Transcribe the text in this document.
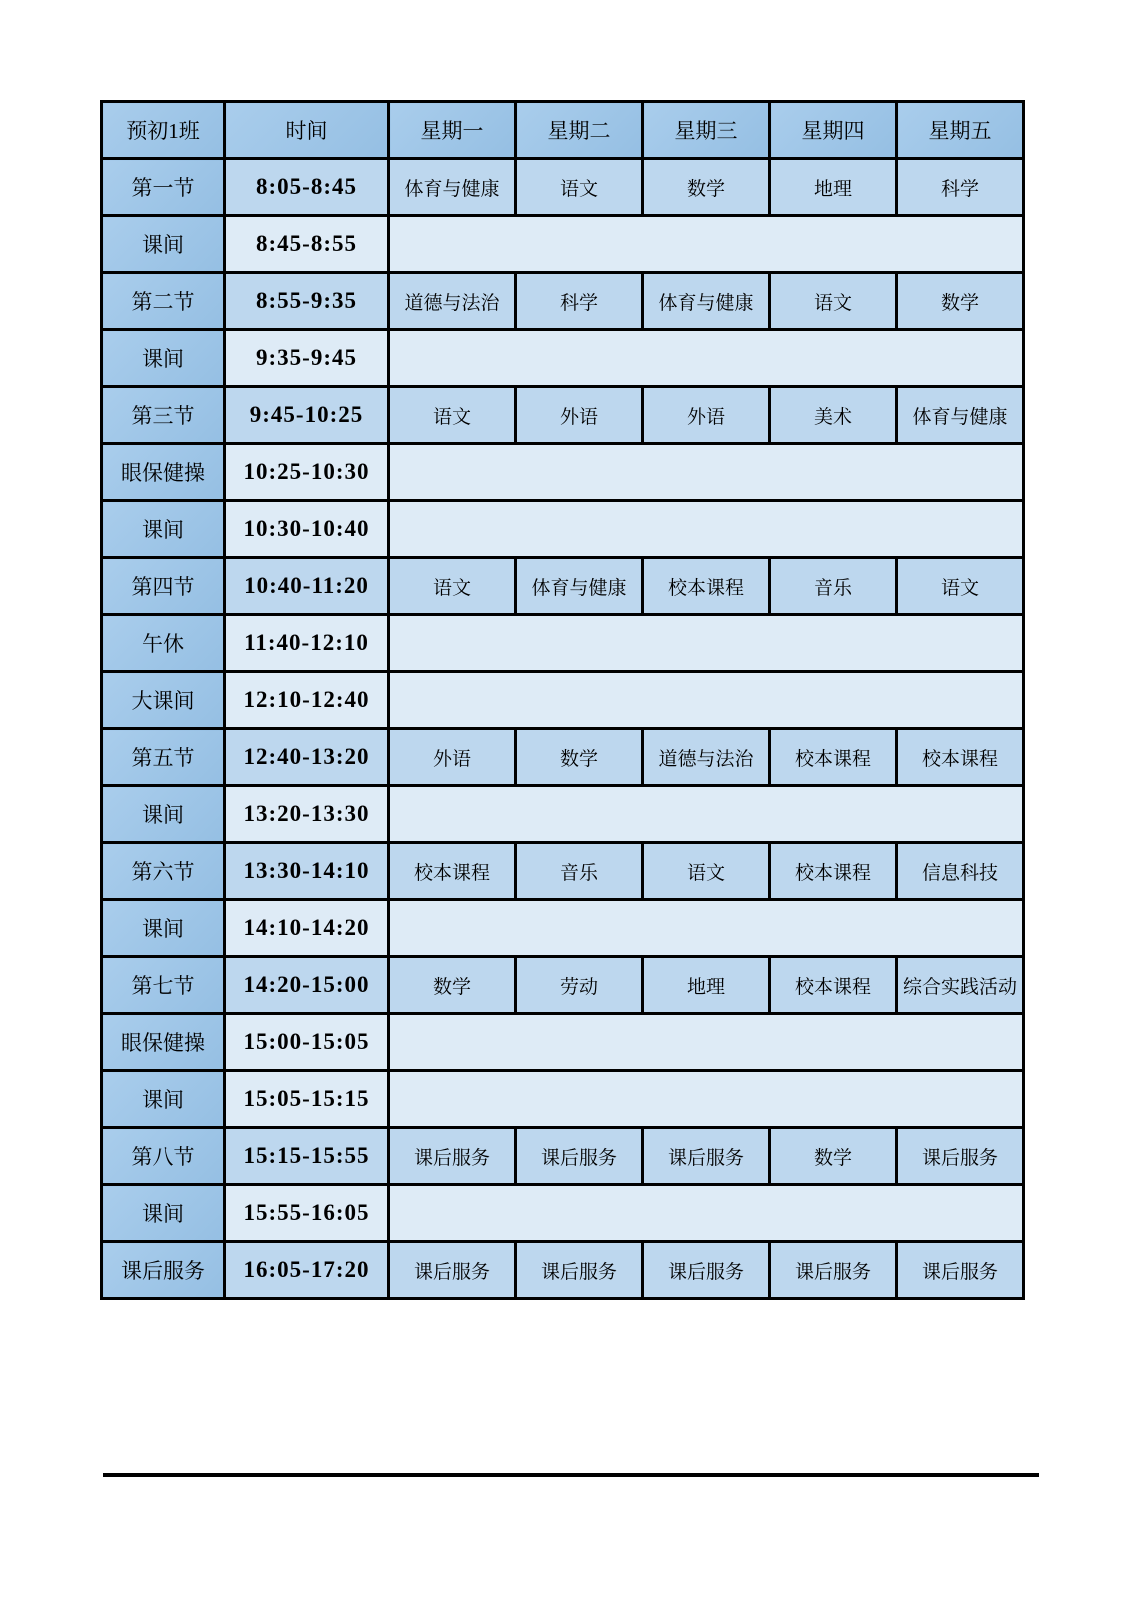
预初1班	时间	星期一	星期二	星期三	星期四	星期五
第一节	8:05-8:45	体育与健康	语文	数学	地理	科学
课间	8:45-8:55					
第二节	8:55-9:35	道德与法治	科学	体育与健康	语文	数学
课间	9:35-9:45					
第三节	9:45-10:25	语文	外语	外语	美术	体育与健康
眼保健操	10:25-10:30					
课间	10:30-10:40					
第四节	10:40-11:20	语文	体育与健康	校本课程	音乐	语文
午休	11:40-12:10					
大课间	12:10-12:40					
第五节	12:40-13:20	外语	数学	道德与法治	校本课程	校本课程
课间	13:20-13:30					
第六节	13:30-14:10	校本课程	音乐	语文	校本课程	信息科技
课间	14:10-14:20					
第七节	14:20-15:00	数学	劳动	地理	校本课程	综合实践活动
眼保健操	15:00-15:05					
课间	15:05-15:15					
第八节	15:15-15:55	课后服务	课后服务	课后服务	数学	课后服务
课间	15:55-16:05					
课后服务	16:05-17:20	课后服务	课后服务	课后服务	课后服务	课后服务
